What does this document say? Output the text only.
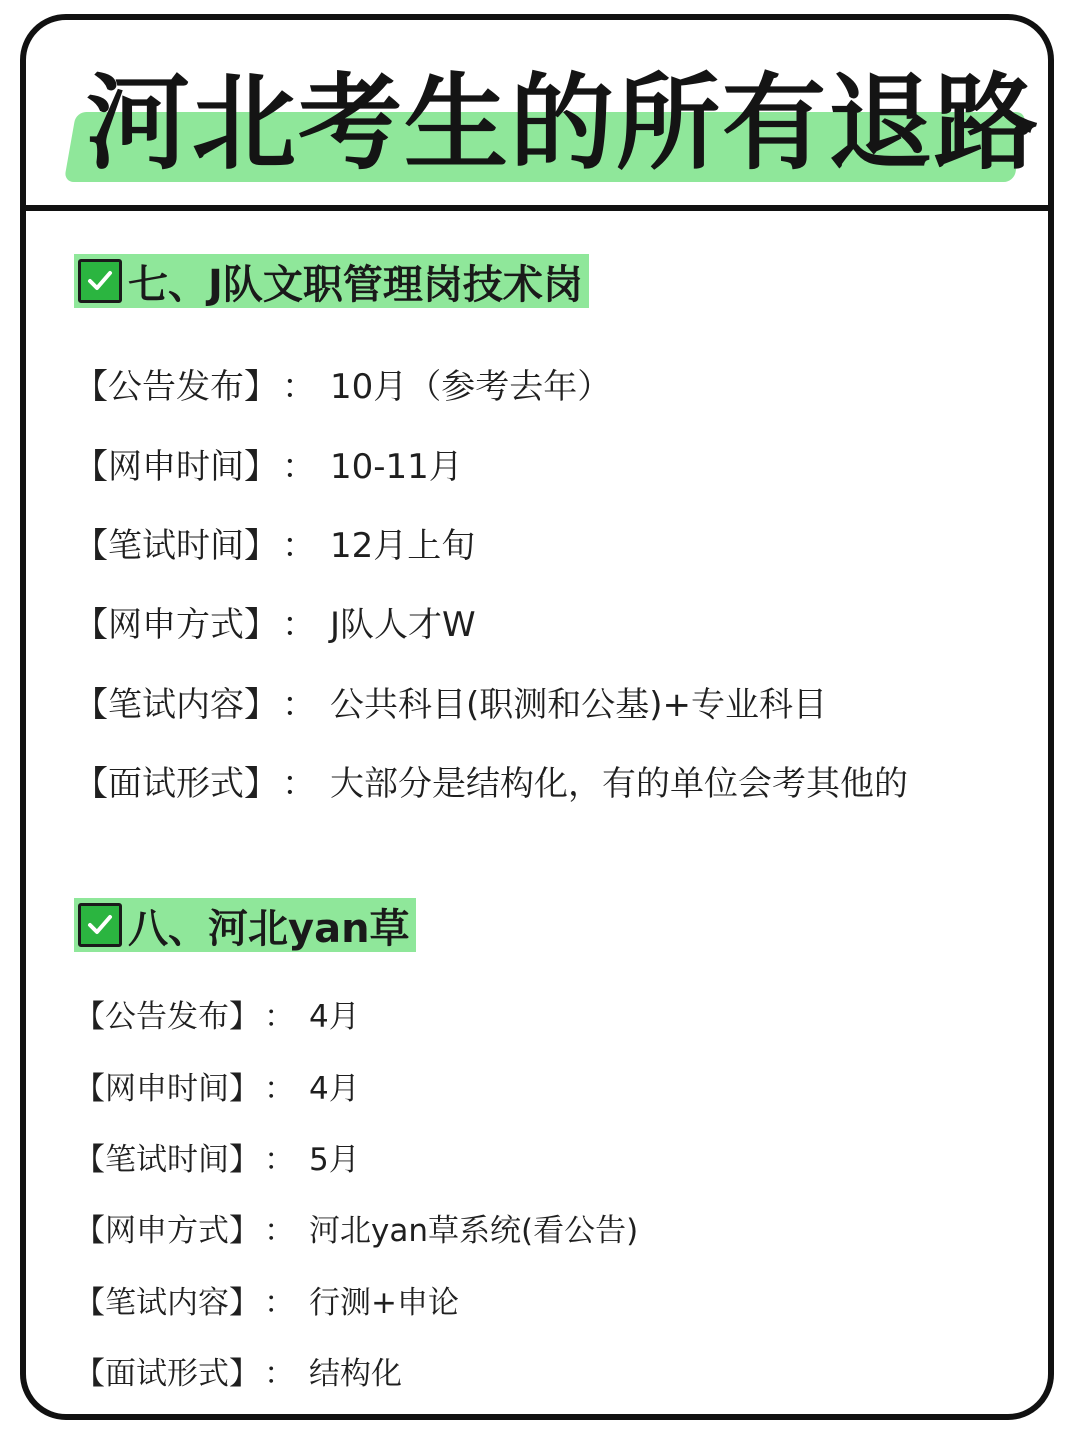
河北考生的所有退路
七、J队文职管理岗技术岗
【公告发布】 ： 10月（参考去年）
【网申时间】 ： 10-11月
【笔试时间】 ： 12月上旬
【网申方式】 ： J队人才W
【笔试内容】 ： 公共科目(职测和公基)+专业科目
【面试形式】 ： 大部分是结构化，有的单位会考其他的
八、河北yan草
【公告发布】 ： 4月
【网申时间】 ： 4月
【笔试时间】 ： 5月
【网申方式】 ： 河北yan草系统(看公告)
【笔试内容】 ： 行测+申论
【面试形式】 ： 结构化
